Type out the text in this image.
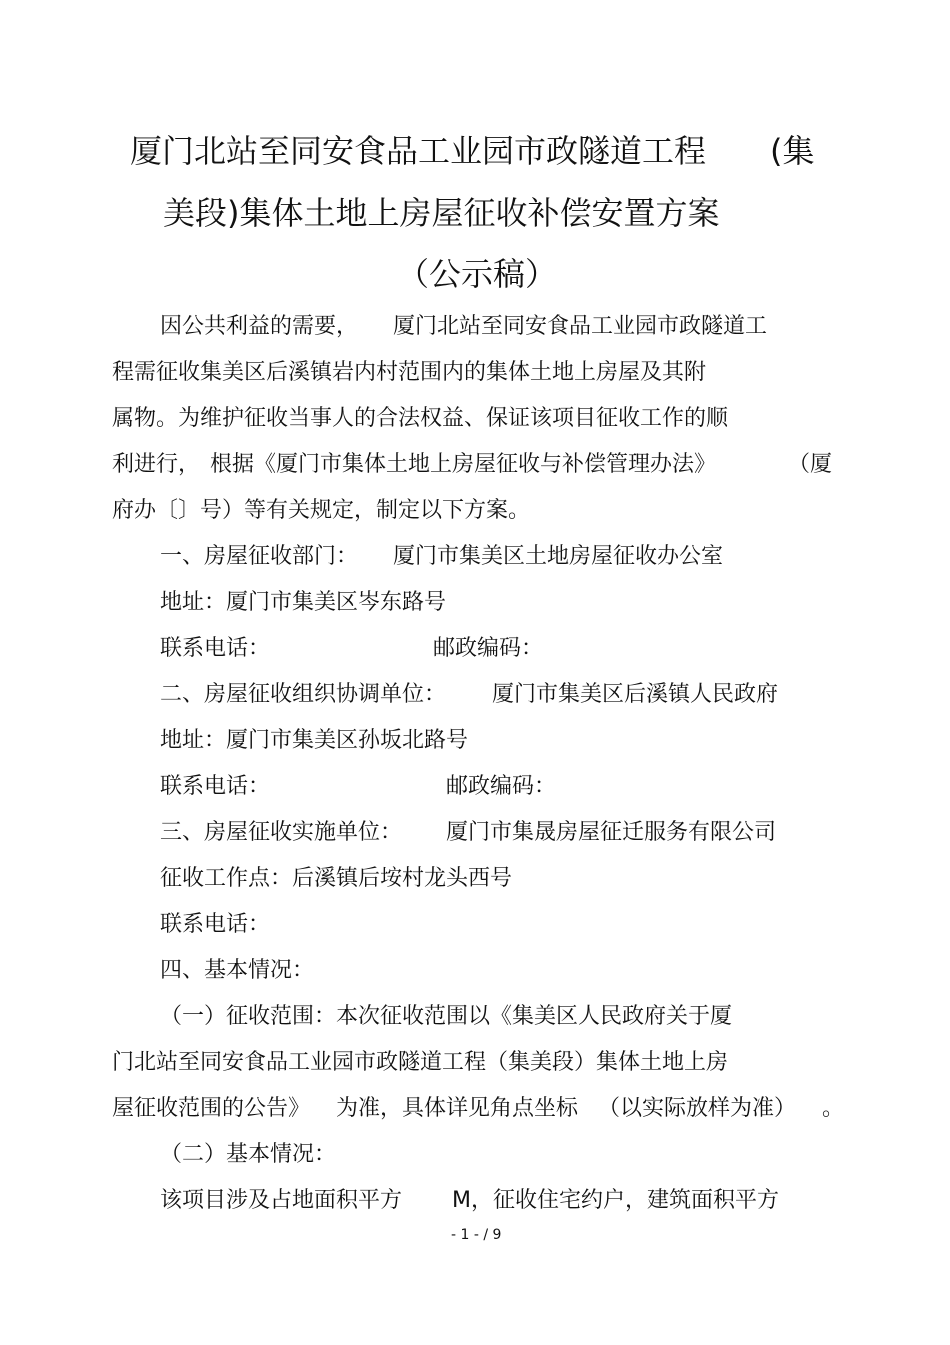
厦门北站至同安食品工业园市政隧道工程 (集
美段)集体土地上房屋征收补偿安置方案
（公示稿）
因公共利益的需要， 厦门北站至同安食品工业园市政隧道工
程需征收集美区后溪镇岩内村范围内的集体土地上房屋及其附
属物。为维护征收当事人的合法权益、保证该项目征收工作的顺
利进行， 根据《厦门市集体土地上房屋征收与补偿管理办法》	（厦
府办〔〕号）等有关规定，制定以下方案。
一、房屋征收部门： 厦门市集美区土地房屋征收办公室
地址：厦门市集美区岑东路号
联系电话：	邮政编码：
二、房屋征收组织协调单位： 厦门市集美区后溪镇人民政府
地址：厦门市集美区孙坂北路号
联系电话：	邮政编码：
三、房屋征收实施单位： 厦门市集晟房屋征迁服务有限公司
征收工作点：后溪镇后垵村龙头西号
联系电话：
四、基本情况：
（一）征收范围：本次征收范围以《集美区人民政府关于厦
门北站至同安食品工业园市政隧道工程（集美段）集体土地上房
屋征收范围的公告》 为准，具体详见角点坐标 （以实际放样为准） 。
（二）基本情况：
该项目涉及占地面积平方 M，征收住宅约户，建筑面积平方
- 1 - / 9
